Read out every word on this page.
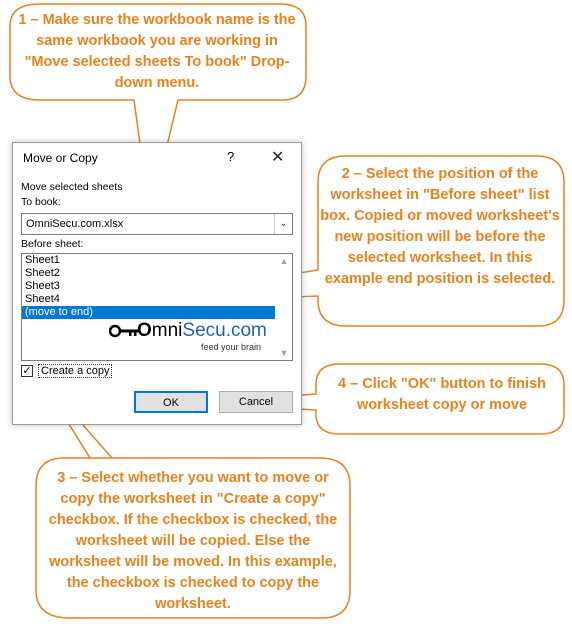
1 – Make sure the workbook name is the same workbook you are working in "Move selected sheets To book" Drop-down menu.
2 – Select the position of the worksheet in "Before sheet" list box. Copied or moved worksheet's new position will be before the selected worksheet. In this example end position is selected.
3 – Select whether you want to move or copy the worksheet in "Create a copy" checkbox. If the checkbox is checked, the worksheet will be copied. Else the worksheet will be moved. In this example, the checkbox is checked to copy the worksheet.
4 – Click "OK" button to finish worksheet copy or move
Move or Copy	? ✕
Move selected sheets
To book:
OmniSecu.com.xlsx	⌄
Before sheet:
Sheet1
Sheet2
Sheet3
Sheet4
(move to end)
▲
▼
OmniSecu.com
feed your brain
✓ Create a copy
OK	Cancel
